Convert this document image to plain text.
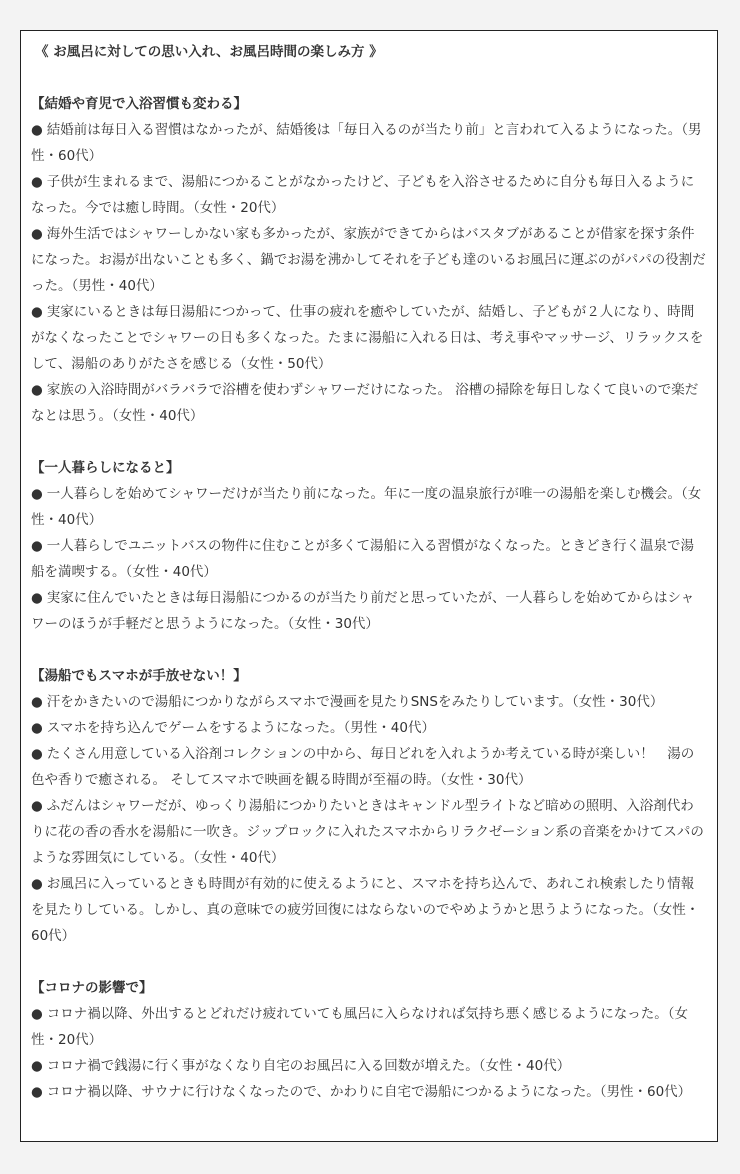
《 お風呂に対しての思い入れ、お風呂時間の楽しみ方 》

【結婚や育児で入浴習慣も変わる】

● 結婚前は毎日入る習慣はなかったが、結婚後は「毎日入るのが当たり前」と言われて入るようになった。（男性・60代）

● 子供が生まれるまで、湯船につかることがなかったけど、子どもを入浴させるために自分も毎日入るようになった。今では癒し時間。（女性・20代）

● 海外生活ではシャワーしかない家も多かったが、家族ができてからはバスタブがあることが借家を探す条件になった。お湯が出ないことも多く、鍋でお湯を沸かしてそれを子ども達のいるお風呂に運ぶのがパパの役割だった。（男性・40代）

● 実家にいるときは毎日湯船につかって、仕事の疲れを癒やしていたが、結婚し、子どもが２人になり、時間がなくなったことでシャワーの日も多くなった。たまに湯船に入れる日は、考え事やマッサージ、リラックスをして、湯船のありがたさを感じる（女性・50代）

● 家族の入浴時間がバラバラで浴槽を使わずシャワーだけになった。 浴槽の掃除を毎日しなくて良いので楽だなとは思う。（女性・40代）

【一人暮らしになると】

● 一人暮らしを始めてシャワーだけが当たり前になった。年に一度の温泉旅行が唯一の湯船を楽しむ機会。（女性・40代）

● 一人暮らしでユニットバスの物件に住むことが多くて湯船に入る習慣がなくなった。ときどき行く温泉で湯船を満喫する。（女性・40代）

● 実家に住んでいたときは毎日湯船につかるのが当たり前だと思っていたが、一人暮らしを始めてからはシャワーのほうが手軽だと思うようになった。（女性・30代）

【湯船でもスマホが手放せない！】

● 汗をかきたいので湯船につかりながらスマホで漫画を見たりSNSをみたりしています。（女性・30代）

● スマホを持ち込んでゲームをするようになった。（男性・40代）

● たくさん用意している入浴剤コレクションの中から、毎日どれを入れようか考えている時が楽しい！　湯の色や香りで癒される。 そしてスマホで映画を観る時間が至福の時。（女性・30代）

● ふだんはシャワーだが、ゆっくり湯船につかりたいときはキャンドル型ライトなど暗めの照明、入浴剤代わりに花の香の香水を湯船に一吹き。ジップロックに入れたスマホからリラクゼーション系の音楽をかけてスパのような雰囲気にしている。（女性・40代）

● お風呂に入っているときも時間が有効的に使えるようにと、スマホを持ち込んで、あれこれ検索したり情報を見たりしている。しかし、真の意味での疲労回復にはならないのでやめようかと思うようになった。（女性・60代）

【コロナの影響で】

● コロナ禍以降、外出するとどれだけ疲れていても風呂に入らなければ気持ち悪く感じるようになった。（女性・20代）

● コロナ禍で銭湯に行く事がなくなり自宅のお風呂に入る回数が増えた。（女性・40代）

● コロナ禍以降、サウナに行けなくなったので、かわりに自宅で湯船につかるようになった。（男性・60代）
